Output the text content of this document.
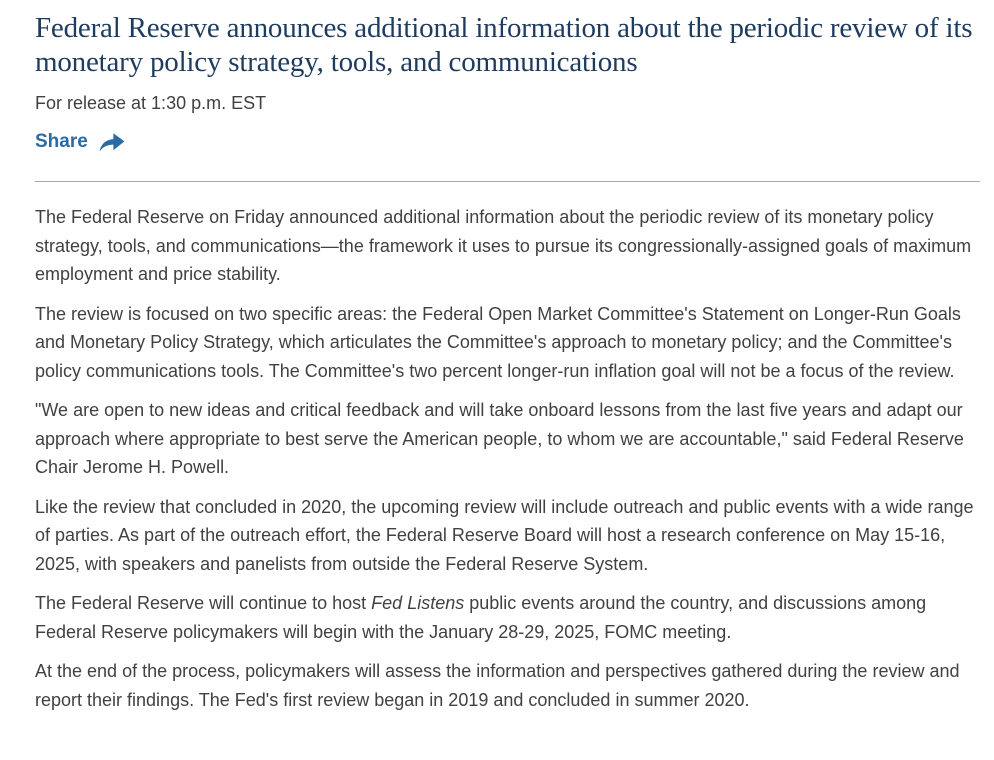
Federal Reserve announces additional information about the periodic review of its monetary policy strategy, tools, and communications

For release at 1:30 p.m. EST

Share

The Federal Reserve on Friday announced additional information about the periodic review of its monetary policy strategy, tools, and communications—the framework it uses to pursue its congressionally-assigned goals of maximum employment and price stability.

The review is focused on two specific areas: the Federal Open Market Committee's Statement on Longer-Run Goals and Monetary Policy Strategy, which articulates the Committee's approach to monetary policy; and the Committee's policy communications tools. The Committee's two percent longer-run inflation goal will not be a focus of the review.

"We are open to new ideas and critical feedback and will take onboard lessons from the last five years and adapt our approach where appropriate to best serve the American people, to whom we are accountable," said Federal Reserve Chair Jerome H. Powell.

Like the review that concluded in 2020, the upcoming review will include outreach and public events with a wide range of parties. As part of the outreach effort, the Federal Reserve Board will host a research conference on May 15-16, 2025, with speakers and panelists from outside the Federal Reserve System.

The Federal Reserve will continue to host Fed Listens public events around the country, and discussions among Federal Reserve policymakers will begin with the January 28-29, 2025, FOMC meeting.

At the end of the process, policymakers will assess the information and perspectives gathered during the review and report their findings. The Fed's first review began in 2019 and concluded in summer 2020.
